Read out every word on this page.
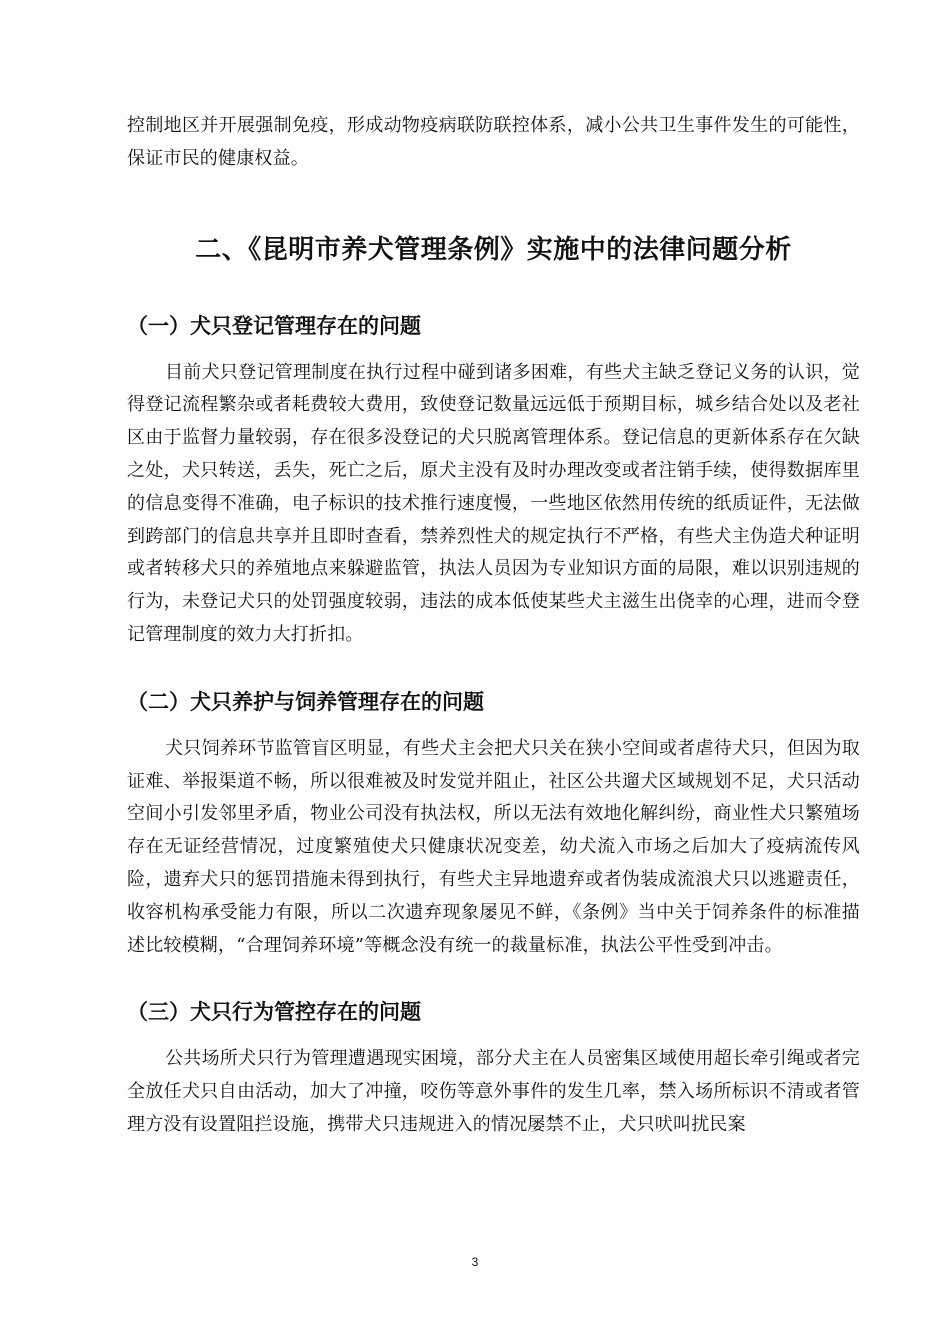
控制地区并开展强制免疫，形成动物疫病联防联控体系，减小公共卫生事件发生的可能性，保证市民的健康权益。

二、《昆明市养犬管理条例》实施中的法律问题分析
（一）犬只登记管理存在的问题

目前犬只登记管理制度在执行过程中碰到诸多困难，有些犬主缺乏登记义务的认识，觉得登记流程繁杂或者耗费较大费用，致使登记数量远远低于预期目标，城乡结合处以及老社区由于监督力量较弱，存在很多没登记的犬只脱离管理体系。登记信息的更新体系存在欠缺之处，犬只转送，丢失，死亡之后，原犬主没有及时办理改变或者注销手续，使得数据库里的信息变得不准确，电子标识的技术推行速度慢，一些地区依然用传统的纸质证件，无法做到跨部门的信息共享并且即时查看，禁养烈性犬的规定执行不严格，有些犬主伪造犬种证明或者转移犬只的养殖地点来躲避监管，执法人员因为专业知识方面的局限，难以识别违规的行为，未登记犬只的处罚强度较弱，违法的成本低使某些犬主滋生出侥幸的心理，进而令登记管理制度的效力大打折扣。

（二）犬只养护与饲养管理存在的问题

犬只饲养环节监管盲区明显，有些犬主会把犬只关在狭小空间或者虐待犬只，但因为取证难、举报渠道不畅，所以很难被及时发觉并阻止，社区公共遛犬区域规划不足，犬只活动空间小引发邻里矛盾，物业公司没有执法权，所以无法有效地化解纠纷，商业性犬只繁殖场存在无证经营情况，过度繁殖使犬只健康状况变差，幼犬流入市场之后加大了疫病流传风险，遗弃犬只的惩罚措施未得到执行，有些犬主异地遗弃或者伪装成流浪犬只以逃避责任，收容机构承受能力有限，所以二次遗弃现象屡见不鲜，《条例》当中关于饲养条件的标准描述比较模糊，“合理饲养环境”等概念没有统一的裁量标准，执法公平性受到冲击。

（三）犬只行为管控存在的问题

公共场所犬只行为管理遭遇现实困境，部分犬主在人员密集区域使用超长牵引绳或者完全放任犬只自由活动，加大了冲撞，咬伤等意外事件的发生几率，禁入场所标识不清或者管理方没有设置阻拦设施，携带犬只违规进入的情况屡禁不止，犬只吠叫扰民案

3
